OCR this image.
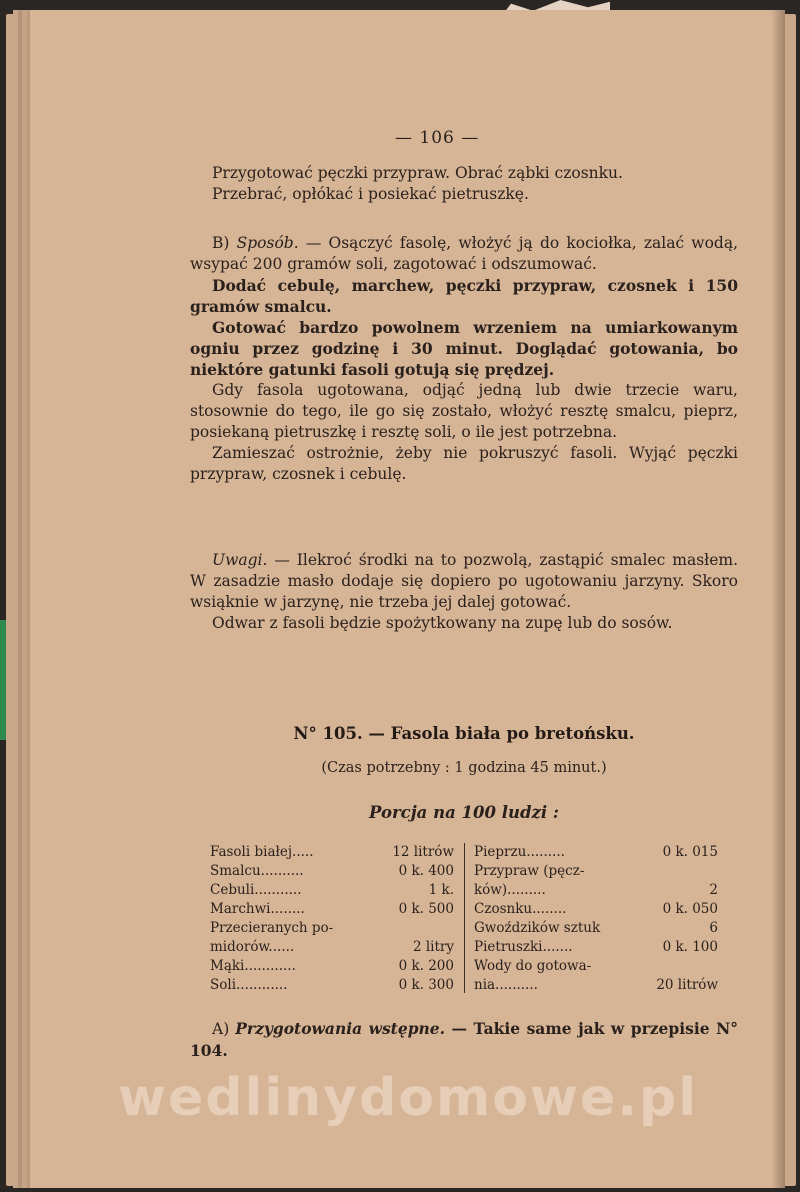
— 106 —

Przygotować pęczki przypraw. Obrać ząbki czosnku.

Przebrać, opłókać i posiekać pietruszkę.

B) Sposób. — Osączyć fasolę, włożyć ją do kociołka, zalać wodą, wsypać 200 gramów soli, zagotować i odszumować.

Dodać cebulę, marchew, pęczki przypraw, czosnek i 150 gramów smalcu.

Gotować bardzo powolnem wrzeniem na umiarkowanym ogniu przez godzinę i 30 minut. Doglądać gotowania, bo niektóre gatunki fasoli gotują się prędzej.

Gdy fasola ugotowana, odjąć jedną lub dwie trzecie waru, stosownie do tego, ile go się zostało, włożyć resztę smalcu, pieprz, posiekaną pietruszkę i resztę soli, o ile jest potrzebna.

Zamieszać ostrożnie, żeby nie pokruszyć fasoli. Wyjąć pęczki przypraw, czosnek i cebulę.

Uwagi. — Ilekroć środki na to pozwolą, zastąpić smalec masłem. W zasadzie masło dodaje się dopiero po ugotowaniu jarzyny. Skoro wsiąknie w jarzynę, nie trzeba jej dalej gotować.

Odwar z fasoli będzie spożytkowany na zupę lub do sosów.

N° 105. — Fasola biała po bretońsku.
(Czas potrzebny : 1 godzina 45 minut.)
Porcja na 100 ludzi :
Fasoli białej.....	12 litrów
Smalcu..........	0 k. 400
Cebuli...........	1 k.
Marchwi........	0 k. 500
Przecieranych po-
midorów......	2 litry
Mąki............	0 k. 200
Soli............	0 k. 300
Pieprzu.........	0 k. 015
Przypraw (pęcz-
ków).........	2
Czosnku........	0 k. 050
Gwoździków sztuk	6
Pietruszki.......	0 k. 100
Wody do gotowa-
nia..........	20 litrów

A) Przygotowania wstępne. — Takie same jak w przepisie N° 104.

wedlinydomowe.pl
